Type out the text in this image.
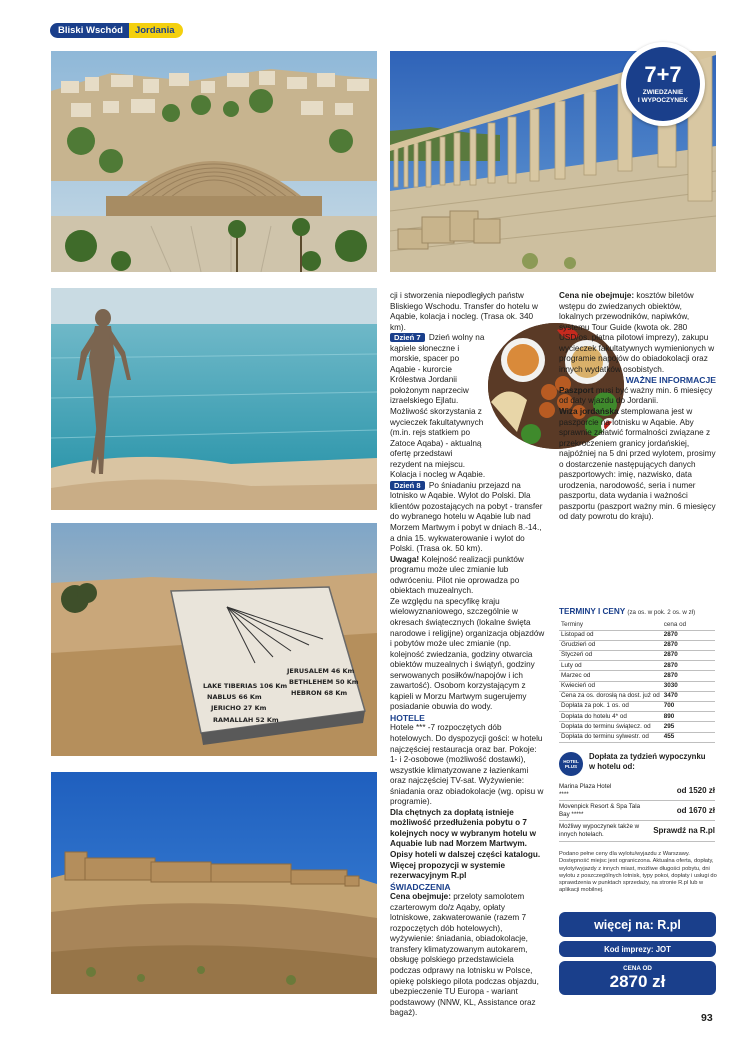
Bliski Wschód	Jordania
7+7
ZWIEDZANIE
I WYPOCZYNEK
LAKE TIBERIAS 106 Km
NABLUS 66 Km
JERICHO 27 Km
RAMALLAH 52 Km
JERUSALEM 46 Km
BETHLEHEM 50 Km
HEBRON 68 Km

cji i stworzenia niepodległych państw Bliskiego Wschodu. Transfer do hotelu w Aqabie, kolacja i nocleg. (Trasa ok. 340 km).

Dzień 7 Dzień wolny na kąpiele słoneczne i morskie, spacer po Aqabie - kurorcie Królestwa Jordanii położonym naprzeciw izraelskiego Ejlatu. Możliwość skorzystania z wycieczek fakultatywnych (m.in. rejs statkiem po Zatoce Aqaba) - aktualną ofertę przedstawi rezydent na miejscu. Kolacja i nocleg w Aqabie.

Dzień 8 Po śniadaniu przejazd na lotnisko w Aqabie. Wylot do Polski. Dla klientów pozostających na pobyt - transfer do wybranego hotelu w Aqabie lub nad Morzem Martwym i pobyt w dniach 8.-14., a dnia 15. wykwaterowanie i wylot do Polski. (Trasa ok. 50 km).

Uwaga! Kolejność realizacji punktów programu może ulec zmianie lub odwróceniu. Pilot nie oprowadza po obiektach muzealnych.

Ze względu na specyfikę kraju wielowyznaniowego, szczególnie w okresach świątecznych (lokalne święta narodowe i religijne) organizacja objazdów i pobytów może ulec zmianie (np. kolejność zwiedzania, godziny otwarcia obiektów muzealnych i świątyń, godziny serwowanych posiłków/napojów i ich zawartość). Osobom korzystającym z kąpieli w Morzu Martwym sugerujemy posiadanie obuwia do wody.

HOTELE

Hotele *** -7 rozpoczętych dób hotelowych. Do dyspozycji gości: w hotelu najczęściej restauracja oraz bar. Pokoje: 1- i 2-osobowe (możliwość dostawki), wszystkie klimatyzowane z łazienkami oraz najczęściej TV-sat. Wyżywienie: śniadania oraz obiadokolacje (wg. opisu w programie).

Dla chętnych za dopłatą istnieje możliwość przedłużenia pobytu o 7 kolejnych nocy w wybranym hotelu w Aquabie lub nad Morzem Martwym. Opisy hoteli w dalszej części katalogu. Więcej propozycji w systemie rezerwacyjnym R.pl

ŚWIADCZENIA

Cena obejmuje: przeloty samolotem czarterowym do/z Aqaby, opłaty lotniskowe, zakwaterowanie (razem 7 rozpoczętych dób hotelowych), wyżywienie: śniadania, obiadokolacje, transfery klimatyzowanym autokarem, obsługę polskiego przedstawiciela podczas odprawy na lotnisku w Polsce, opiekę polskiego pilota podczas objazdu, ubezpieczenie TU Europa - wariant podstawowy (NNW, KL, Assistance oraz bagaż).

Cena nie obejmuje: kosztów biletów wstępu do zwiedzanych obiektów, lokalnych przewodników, napiwków, systemu Tour Guide (kwota ok. 280 USD/os. płatna pilotowi imprezy), zakupu wycieczek fakultatywnych wymienionych w programie napojów do obiadokolacji oraz innych wydatków osobistych.

WAŻNE INFORMACJE

Paszport musi być ważny min. 6 miesięcy od daty wjazdu do Jordanii.

Wiza jordańska stemplowana jest w paszporcie na lotnisku w Aqabie. Aby sprawnie załatwić formalności związane z przekroczeniem granicy jordańskiej, najpóźniej na 5 dni przed wylotem, prosimy o dostarczenie następujących danych paszportowych: imię, nazwisko, data urodzenia, narodowość, seria i numer paszportu, data wydania i ważności paszportu (paszport ważny min. 6 miesięcy od daty powrotu do kraju).

TERMINY I CENY (za os. w pok. 2 os. w zł)
Terminy	cena od
Listopad od	2870
Grudzień od	2870
Styczeń od	2870
Luty od	2870
Marzec od	2870
Kwiecień od	3030
Cena za os. dorosłą na dost. już od	3470
Dopłata za pok. 1 os. od	700
Dopłata do hotelu 4* od	890
Dopłata do terminu świątecz. od	295
Dopłata do terminu sylwestr. od	455
HOTEL
PLUS
Dopłata za tydzień wypoczynku
w hotelu od:
Marina Plaza Hotel
****	od 1520 zł
Movenpick Resort & Spa Tala Bay *****	od 1670 zł
Możliwy wypoczynek także w innych hotelach.	Sprawdź na R.pl
Podano pełne ceny dla wylotu/wyjazdu z Warszawy. Dostępność miejsc jest ograniczona. Aktualna oferta, dopłaty, wyloty/wyjazdy z innych miast, możliwe długości pobytu, dni wylotu z poszczególnych lotnisk, typy pokoi, dopłaty i usługi do sprawdzenia w punktach sprzedaży, na stronie R.pl lub w aplikacji mobilnej.
więcej na: R.pl
Kod imprezy: JOT
CENA OD
2870 zł
93
